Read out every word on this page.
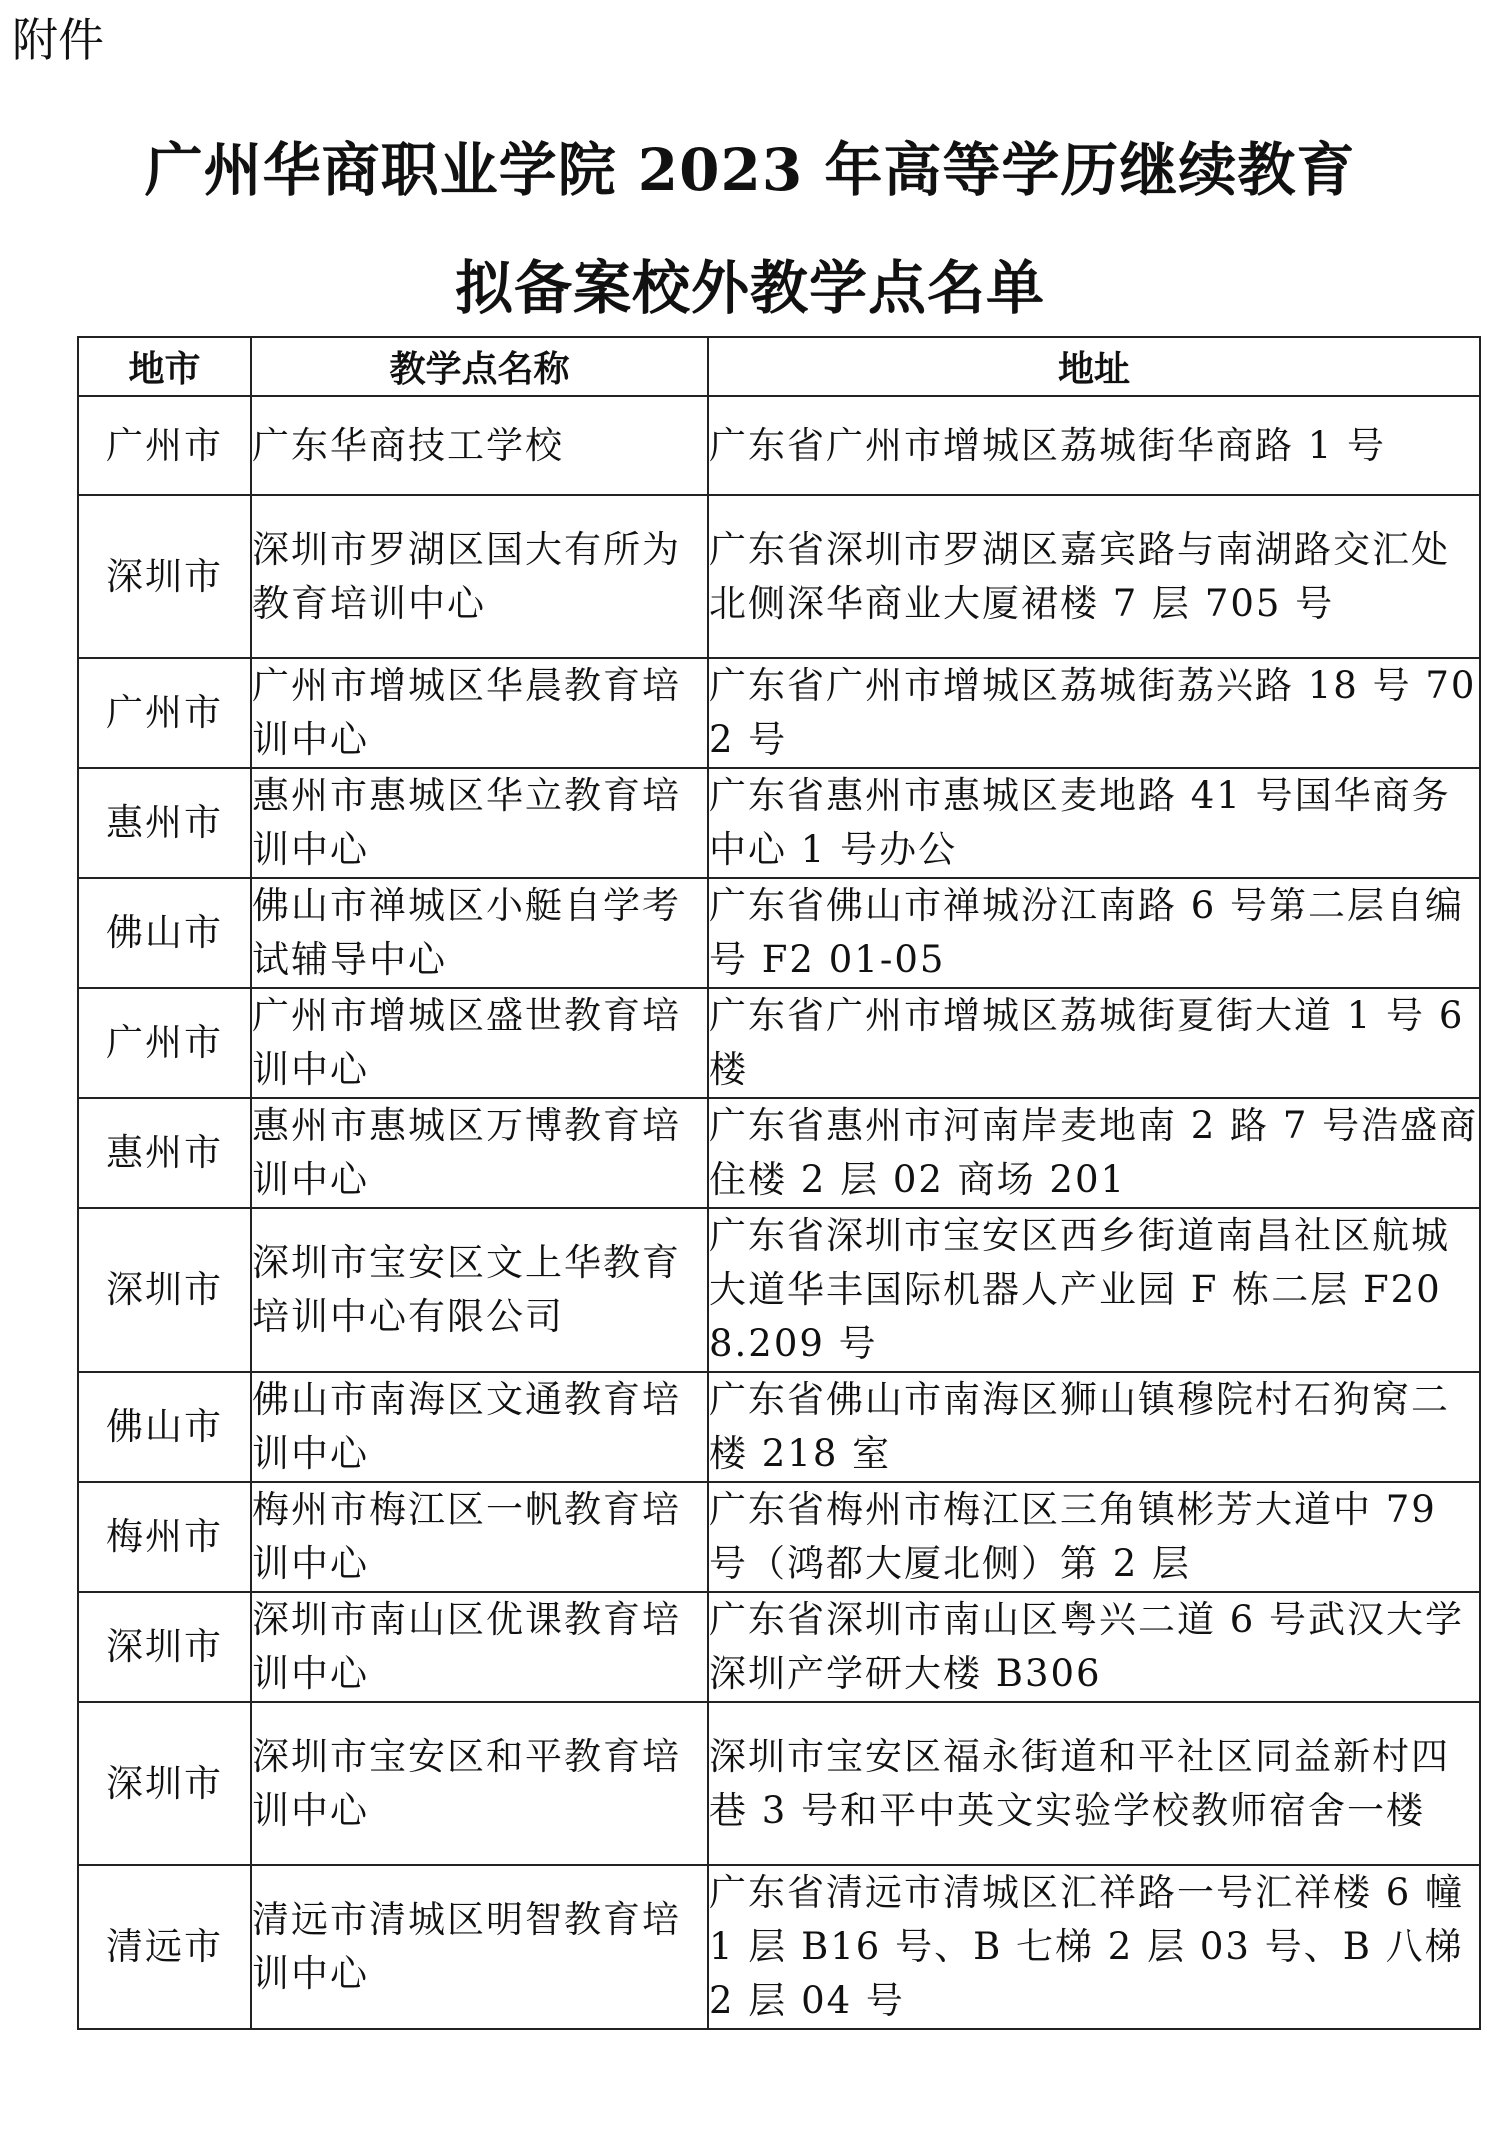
附件
广州华商职业学院 2023 年高等学历继续教育
拟备案校外教学点名单
地市	教学点名称	地址
广州市	广东华商技工学校	广东省广州市增城区荔城街华商路 1 号
深圳市	深圳市罗湖区国大有所为教育培训中心	广东省深圳市罗湖区嘉宾路与南湖路交汇处北侧深华商业大厦裙楼 7 层 705 号
广州市	广州市增城区华晨教育培训中心	广东省广州市增城区荔城街荔兴路 18 号 702 号
惠州市	惠州市惠城区华立教育培训中心	广东省惠州市惠城区麦地路 41 号国华商务中心 1 号办公
佛山市	佛山市禅城区小艇自学考试辅导中心	广东省佛山市禅城汾江南路 6 号第二层自编号 F2 01-05
广州市	广州市增城区盛世教育培训中心	广东省广州市增城区荔城街夏街大道 1 号 6 楼
惠州市	惠州市惠城区万博教育培训中心	广东省惠州市河南岸麦地南 2 路 7 号浩盛商住楼 2 层 02 商场 201
深圳市	深圳市宝安区文上华教育培训中心有限公司	广东省深圳市宝安区西乡街道南昌社区航城大道华丰国际机器人产业园 F 栋二层 F208.209 号
佛山市	佛山市南海区文通教育培训中心	广东省佛山市南海区狮山镇穆院村石狗窝二楼 218 室
梅州市	梅州市梅江区一帆教育培训中心	广东省梅州市梅江区三角镇彬芳大道中 79 号（鸿都大厦北侧）第 2 层
深圳市	深圳市南山区优课教育培训中心	广东省深圳市南山区粤兴二道 6 号武汉大学深圳产学研大楼 B306
深圳市	深圳市宝安区和平教育培训中心	深圳市宝安区福永街道和平社区同益新村四巷 3 号和平中英文实验学校教师宿舍一楼
清远市	清远市清城区明智教育培训中心	广东省清远市清城区汇祥路一号汇祥楼 6 幢 1 层 B16 号、B 七梯 2 层 03 号、B 八梯 2 层 04 号
